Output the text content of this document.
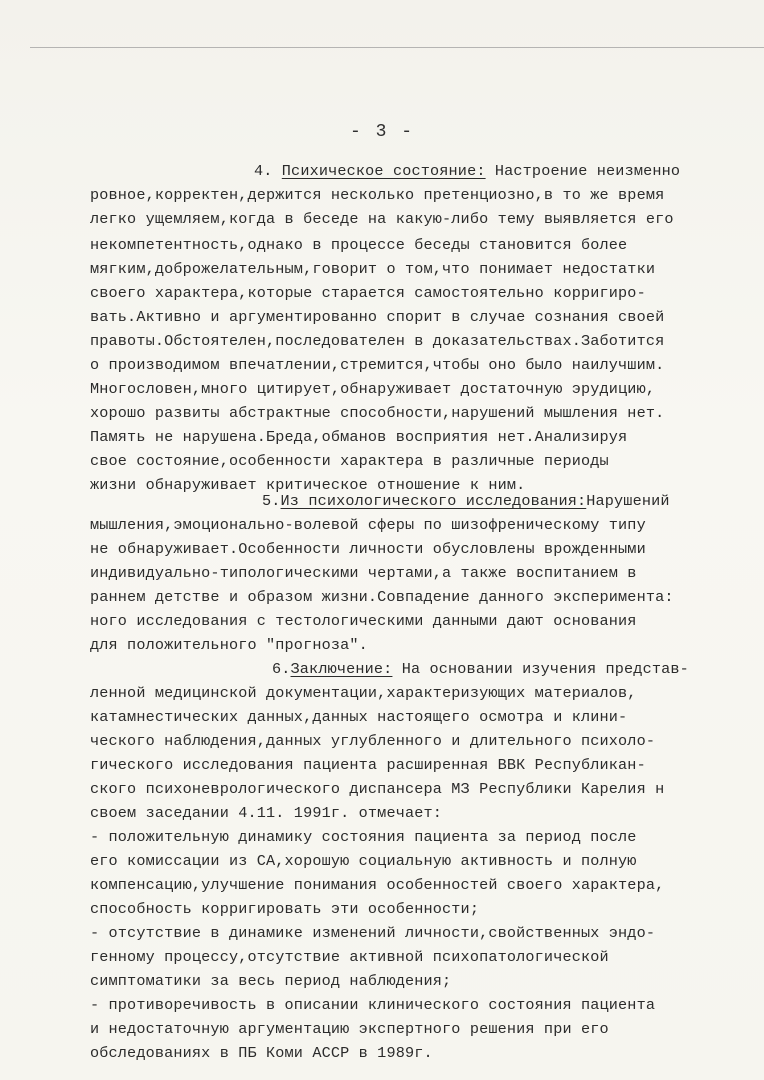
- 3 -
4. Психическое состояние: Настроение неизменно
ровное,корректен,держится несколько претенциозно,в то же время
легко ущемляем,когда в беседе на какую-либо тему выявляется его
некомпетентность,однако в процессе беседы становится более
мягким,доброжелательным,говорит о том,что понимает недостатки
своего характера,которые старается самостоятельно корригиро-
вать.Активно и аргументированно спорит в случае сознания своей
правоты.Обстоятелен,последователен в доказательствах.Заботится
о производимом впечатлении,стремится,чтобы оно было наилучшим.
Многословен,много цитирует,обнаруживает достаточную эрудицию,
хорошо развиты абстрактные способности,нарушений мышления нет.
Память не нарушена.Бреда,обманов восприятия нет.Анализируя
свое состояние,особенности характера в различные периоды
жизни обнаруживает критическое отношение к ним.
5.Из психологического исследования:Нарушений
мышления,эмоционально-волевой сферы по шизофреническому типу
не обнаруживает.Особенности личности обусловлены врожденными
индивидуально-типологическими чертами,а также воспитанием в
раннем детстве и образом жизни.Совпадение данного эксперимента:
ного исследования с тестологическими данными дают основания
для положительного "прогноза".
6.Заключение: На основании изучения представ-
ленной медицинской документации,характеризующих материалов,
катамнестических данных,данных настоящего осмотра и клини-
ческого наблюдения,данных углубленного и длительного психоло-
гического исследования пациента расширенная ВВК Республикан-
ского психоневрологического диспансера МЗ Республики Карелия н
своем заседании 4.11. 1991г. отмечает:
- положительную динамику состояния пациента за период после
его комиссации из СА,хорошую социальную активность и полную
компенсацию,улучшение понимания особенностей своего характера,
способность корригировать эти особенности;
- отсутствие в динамике изменений личности,свойственных эндо-
генному процессу,отсутствие активной психопатологической
симптоматики за весь период наблюдения;
- противоречивость в описании клинического состояния пациента
и недостаточную аргументацию экспертного решения при его
обследованиях в ПБ Коми АССР в 1989г.
